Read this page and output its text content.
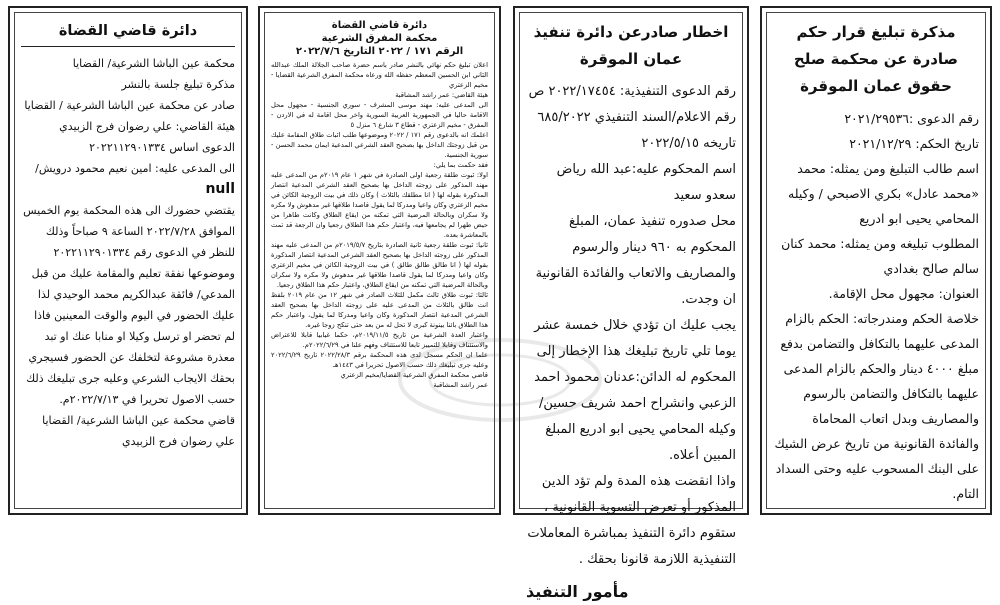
مذكرة تبليغ قرار حكم صادرة عن محكمة صلح حقوق عمان الموقرة

رقم الدعوى :٢٠٢١/٢٩٥٣٦

تاريخ الحكم: ٢٠٢١/١٢/٢٩

اسم طالب التبليغ ومن يمثله: محمد «محمد عادل» بكري الاصبحي / وكيله المحامي يحيى ابو ادريع

المطلوب تبليغه ومن يمثله: محمد كنان سالم صالح بغدادي

العنوان: مجهول محل الإقامة.

خلاصة الحكم ومندرجاته: الحكم بالزام المدعى عليهما بالتكافل والتضامن بدفع مبلغ ٤٠٠٠ دينار والحكم بالزام المدعى عليهما بالتكافل والتضامن بالرسوم والمصاريف وبدل اتعاب المحاماة والفائدة القانونية من تاريخ عرض الشيك على البنك المسحوب عليه وحتى السداد التام.

اخطار صادرعن دائرة تنفيذ عمان الموقرة

رقم الدعوى التنفيذية: ٢٠٢٢/١٧٤٥٤ ص

رقم الاعلام/السند التنفيذي ٦٨٥/٢٠٢٢ تاريخه ٢٠٢٢/٥/١٥

اسم المحكوم عليه:عبد الله رياض سعدو سعيد

محل صدوره تنفيذ عمان، المبلغ المحكوم به ٩٦٠ دينار والرسوم والمصاريف والاتعاب والفائدة القانونية ان وجدت.

يجب عليك ان تؤدي خلال خمسة عشر يوما تلي تاريخ تبليغك هذا الإخطار إلى المحكوم له الدائن:عدنان محمود احمد الزعبي وانشراح احمد شريف حسين/ وكيله المحامي يحيى ابو ادريع المبلغ المبين أعلاه.

واذا انقضت هذه المدة ولم تؤد الدين المذكور أو تعرض التسوية القانونية ، ستقوم دائرة التنفيذ بمباشرة المعاملات التنفيذية اللازمة قانونا بحقك .

مأمور التنفيذ

دائرة قاضي القضاة

محكمة المفرق الشرعية

الرقم ١٧١ / ٢٠٢٢ التاريخ ٢٠٢٢/٧/٦

اعلان تبليغ حكم نهائي بالنشر صادر باسم حضرة صاحب الجلالة الملك عبدالله الثاني ابن الحسين المعظم حفظه الله ورعاه محكمة المفرق الشرعية القضايا - مخيم الزعتري

هيئة القاضي: عمر راشد المشاقبة

الى المدعى عليه: مهند موسى المشرف - سوري الجنسية - مجهول محل الاقامة حاليا في الجمهورية العربية السورية واخر محل اقامة له في الاردن - المفرق - مخيم الزعتري - قطاع ٣ شارع ٦ منزل ٥

اعلمك انه بالدعوى رقم ١٧١ / ٢٠٢٢ وموضوعها طلب اثبات طلاق المقامة عليك من قبل زوجتك الداخل بها بصحيح العقد الشرعي المدعية ايمان محمد الحسن - سورية الجنسية.

فقد حكمت بما يلي:

اولا: ثبوت طلقة رجعية اولى الصادرة في شهر ١ عام ٢٠١٩م من المدعى عليه مهند المذكور على زوجته الداخل بها بصحيح العقد الشرعي المدعية انتصار المذكورة بقوله لها ( انا مطلقك بالثلاث ) وكان ذلك في بيت الزوجية الكائن في مخيم الزعتري وكان واعيا ومدركا لما يقول قاصدا طلاقها غير مدهوش ولا مكره ولا سكران وبالحالة المرضية التي تمكنه من ايقاع الطلاق وكانت طاهرا من حيض طهرا لم يجامعها فيه، واعتبار حكم هذا الطلاق رجعيا وان الرجعة قد تمت بالمعاشرة بعده.

ثانيا: ثبوت طلقة رجعية ثانية الصادرة بتاريخ ٢٠١٩/٥/٧م من المدعى عليه مهند المذكور على زوجته الداخل بها بصحيح العقد الشرعي المدعية انتصار المذكورة بقوله لها ( انا طالق طالق طالق ) في بيت الزوجية الكائن في مخيم الزعتري وكان واعيا ومدركا لما يقول قاصدا طلاقها غير مدهوش ولا مكره ولا سكران وبالحالة المرضية التي تمكنه من ايقاع الطلاق، واعتبار حكم هذا الطلاق رجعيا.

ثالثا: ثبوت طلاق ثالث مكمل للثلاث الصادر في شهر ١٢ من عام ٢٠١٩ بلفظ انت طالق بالثلاث من المدعى عليه على زوجته الداخل بها بصحيح العقد الشرعي المدعية انتصار المذكورة وكان واعيا ومدركا لما يقول، واعتبار حكم هذا الطلاق بائنا بينونة كبرى لا تحل له من بعد حتى تنكح زوجا غيره.

واعتبار العدة الشرعية من تاريخ ٢٠١٩/١١/٥م، حكما غيابيا قابلا للاعتراض والاستئناف وقابلا للتمييز تابعا للاستئناف وفهم علنا في ٢٠٢٢/٦/٢٩م.

علما ان الحكم مسجل لدى هذه المحكمة برقم ٢٠٢٢/٢٨/٣ تاريخ ٢٠٢٢/٦/٢٩ وعليه جرى تبليغك ذلك حسب الاصول تحريرا في ١٤٤٣هـ

قاضي محكمة المفرق الشرعية القضايا/مخيم الزعتري

عمر راشد المشاقبة

دائرة قاضي القضاة

محكمة عين الباشا الشرعية/ القضايا

مذكرة تبليغ جلسة بالنشر

صادر عن محكمة عين الباشا الشرعية / القضايا

هيئة القاضي: علي رضوان فرج الزبيدي

الدعوى اساس ٢٠٢٢١١٢٩٠١٣٣٤

الى المدعى عليه: امين نعيم محمود درويش/

null

يقتضي حضورك الى هذه المحكمة يوم الخميس الموافق ٢٠٢٢/٧/٢٨ الساعة ٩ صباحاً وذلك للنظر في الدعوى رقم ٢٠٢٢١١٢٩٠١٣٣٤ وموضوعها نفقة تعليم والمقامة عليك من قبل المدعي/ فائقة عبدالكريم محمد الوحيدي لذا عليك الحضور في اليوم والوقت المعينين فاذا لم تحضر او ترسل وكيلا او منابا عنك او تبد معذرة مشروعة لتخلفك عن الحضور فسيجري بحقك الايجاب الشرعي وعليه جرى تبليغك ذلك حسب الاصول تحريرا في ٢٠٢٢/٧/١٣م.

قاضي محكمة عين الباشا الشرعية/ القضايا

علي رضوان فرج الزبيدي
